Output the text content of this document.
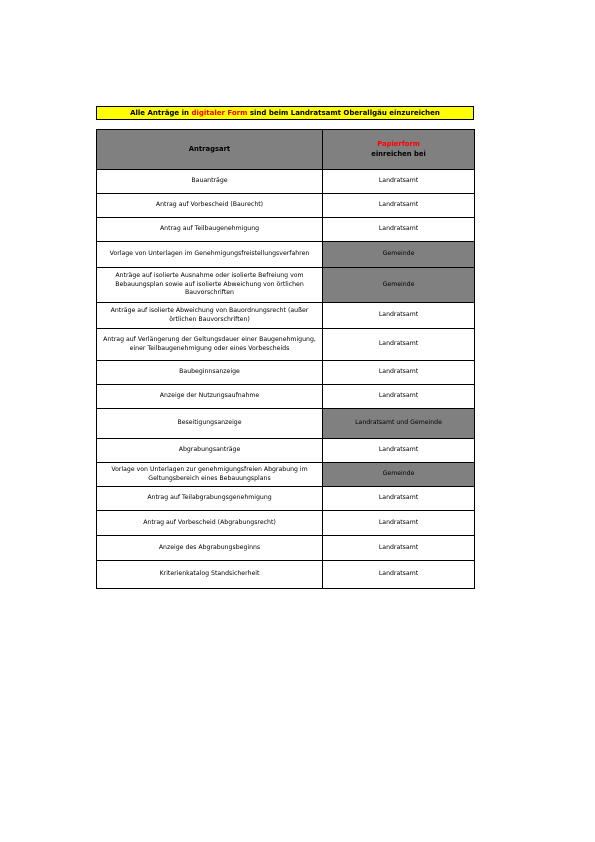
Alle Anträge in digitaler Form sind beim Landratsamt Oberallgäu einzureichen
Antragsart	Papierform
einreichen bei

Bauanträge	Landratsamt
Antrag auf Vorbescheid (Baurecht)	Landratsamt
Antrag auf Teilbaugenehmigung	Landratsamt
Vorlage von Unterlagen im Genehmigungsfreistellungsverfahren	Gemeinde
Anträge auf isolierte Ausnahme oder isolierte Befreiung vom Bebauungsplan sowie auf isolierte Abweichung von örtlichen Bauvorschriften	Gemeinde
Anträge auf isolierte Abweichung von Bauordnungsrecht (außer örtlichen Bauvorschriften)	Landratsamt
Antrag auf Verlängerung der Geltungsdauer einer Baugenehmigung, einer Teilbaugenehmigung oder eines Vorbescheids	Landratsamt
Baubeginnsanzeige	Landratsamt
Anzeige der Nutzungsaufnahme	Landratsamt
Beseitigungsanzeige	Landratsamt und Gemeinde
Abgrabungsanträge	Landratsamt
Vorlage von Unterlagen zur genehmigungsfreien Abgrabung im Geltungsbereich eines Bebauungsplans	Gemeinde
Antrag auf Teilabgrabungsgenehmigung	Landratsamt
Antrag auf Vorbescheid (Abgrabungsrecht)	Landratsamt
Anzeige des Abgrabungsbeginns	Landratsamt
Kriterienkatalog Standsicherheit	Landratsamt
